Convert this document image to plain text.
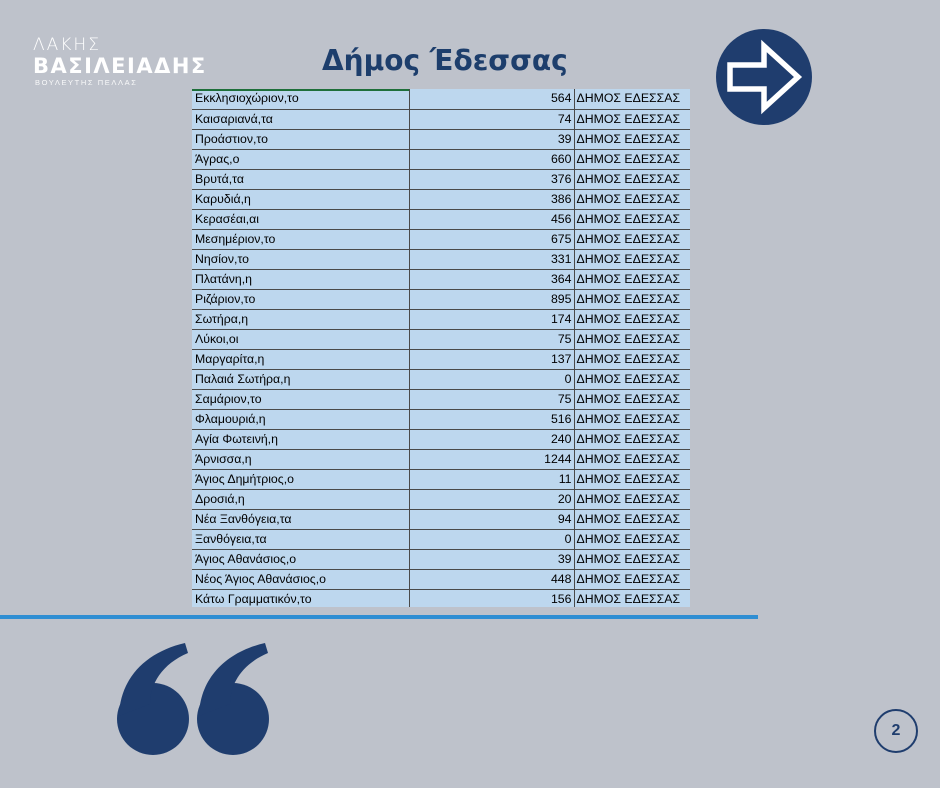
ΛΑΚΗΣ
ΒΑΣΙΛΕΙΑΔΗΣ
ΒΟΥΛΕΥΤΗΣ ΠΕΛΛΑΣ
Δήμος Έδεσσας
Εκκλησιοχώριον,το	564	ΔΗΜΟΣ ΕΔΕΣΣΑΣ
Καισαριανά,τα	74	ΔΗΜΟΣ ΕΔΕΣΣΑΣ
Προάστιον,το	39	ΔΗΜΟΣ ΕΔΕΣΣΑΣ
Άγρας,ο	660	ΔΗΜΟΣ ΕΔΕΣΣΑΣ
Βρυτά,τα	376	ΔΗΜΟΣ ΕΔΕΣΣΑΣ
Καρυδιά,η	386	ΔΗΜΟΣ ΕΔΕΣΣΑΣ
Κερασέαι,αι	456	ΔΗΜΟΣ ΕΔΕΣΣΑΣ
Μεσημέριον,το	675	ΔΗΜΟΣ ΕΔΕΣΣΑΣ
Νησίον,το	331	ΔΗΜΟΣ ΕΔΕΣΣΑΣ
Πλατάνη,η	364	ΔΗΜΟΣ ΕΔΕΣΣΑΣ
Ριζάριον,το	895	ΔΗΜΟΣ ΕΔΕΣΣΑΣ
Σωτήρα,η	174	ΔΗΜΟΣ ΕΔΕΣΣΑΣ
Λύκοι,οι	75	ΔΗΜΟΣ ΕΔΕΣΣΑΣ
Μαργαρίτα,η	137	ΔΗΜΟΣ ΕΔΕΣΣΑΣ
Παλαιά Σωτήρα,η	0	ΔΗΜΟΣ ΕΔΕΣΣΑΣ
Σαμάριον,το	75	ΔΗΜΟΣ ΕΔΕΣΣΑΣ
Φλαμουριά,η	516	ΔΗΜΟΣ ΕΔΕΣΣΑΣ
Αγία Φωτεινή,η	240	ΔΗΜΟΣ ΕΔΕΣΣΑΣ
Άρνισσα,η	1244	ΔΗΜΟΣ ΕΔΕΣΣΑΣ
Άγιος Δημήτριος,ο	11	ΔΗΜΟΣ ΕΔΕΣΣΑΣ
Δροσιά,η	20	ΔΗΜΟΣ ΕΔΕΣΣΑΣ
Νέα Ξανθόγεια,τα	94	ΔΗΜΟΣ ΕΔΕΣΣΑΣ
Ξανθόγεια,τα	0	ΔΗΜΟΣ ΕΔΕΣΣΑΣ
Άγιος Αθανάσιος,ο	39	ΔΗΜΟΣ ΕΔΕΣΣΑΣ
Νέος Άγιος Αθανάσιος,ο	448	ΔΗΜΟΣ ΕΔΕΣΣΑΣ
Κάτω Γραμματικόν,το	156	ΔΗΜΟΣ ΕΔΕΣΣΑΣ
2
